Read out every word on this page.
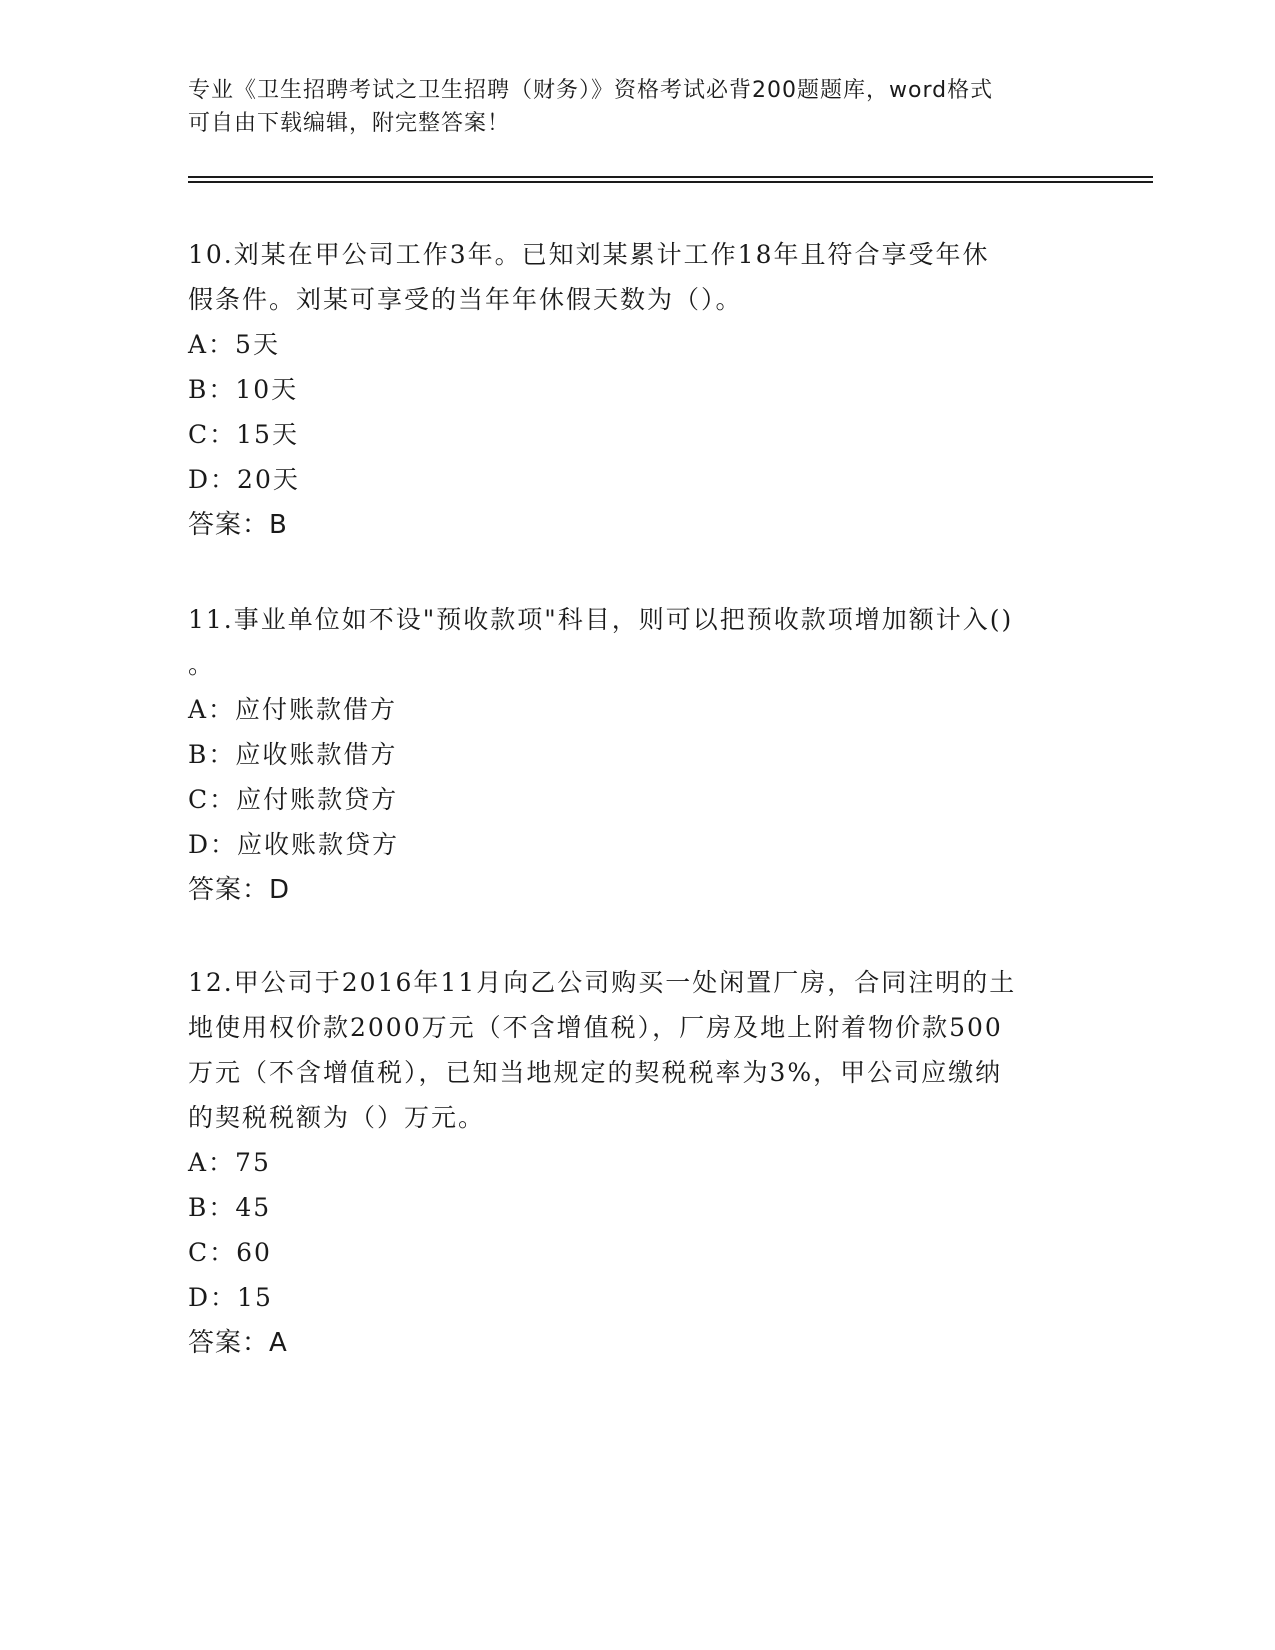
专业《卫生招聘考试之卫生招聘（财务）》资格考试必背200题题库，word格式
可自由下载编辑，附完整答案！
10.刘某在甲公司工作3年。已知刘某累计工作18年且符合享受年休
假条件。刘某可享受的当年年休假天数为（）。
A：5天
B：10天
C：15天
D：20天
答案：B
11.事业单位如不设"预收款项"科目，则可以把预收款项增加额计入()
。
A：应付账款借方
B：应收账款借方
C：应付账款贷方
D：应收账款贷方
答案：D
12.甲公司于2016年11月向乙公司购买一处闲置厂房，合同注明的土
地使用权价款2000万元（不含增值税），厂房及地上附着物价款500
万元（不含增值税），已知当地规定的契税税率为3%，甲公司应缴纳
的契税税额为（）万元。
A：75
B：45
C：60
D：15
答案：A
